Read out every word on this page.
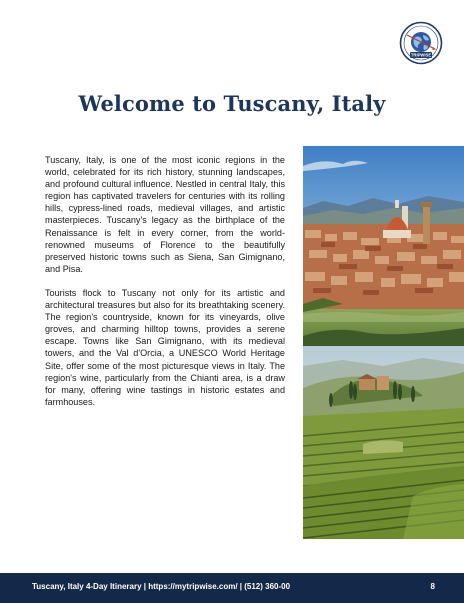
TRIPWISE
Welcome to Tuscany, Italy

Tuscany, Italy, is one of the most iconic regions in the world, celebrated for its rich history, stunning landscapes, and profound cultural influence. Nestled in central Italy, this region has captivated travelers for centuries with its rolling hills, cypress-lined roads, medieval villages, and artistic masterpieces. Tuscany's legacy as the birthplace of the Renaissance is felt in every corner, from the world-renowned museums of Florence to the beautifully preserved historic towns such as Siena, San Gimignano, and Pisa.

Tourists flock to Tuscany not only for its artistic and architectural treasures but also for its breathtaking scenery. The region's countryside, known for its vineyards, olive groves, and charming hilltop towns, provides a serene escape. Towns like San Gimignano, with its medieval towers, and the Val d'Orcia, a UNESCO World Heritage Site, offer some of the most picturesque views in Italy. The region's wine, particularly from the Chianti area, is a draw for many, offering wine tastings in historic estates and farmhouses.

Tuscany, Italy 4-Day Itinerary | https://mytripwise.com/ | (512) 360-00	8
